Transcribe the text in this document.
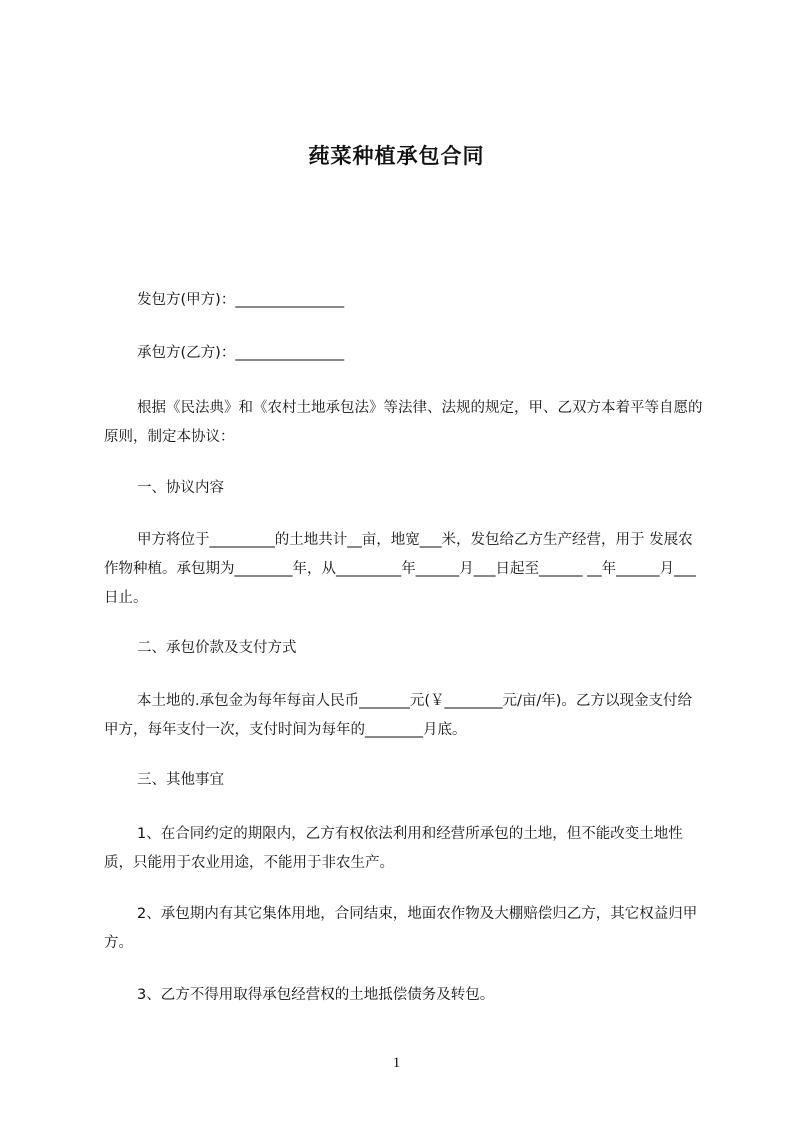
莼菜种植承包合同
发包方(甲方)：_______________
承包方(乙方)：_______________
根据《民法典》和《农村土地承包法》等法律、法规的规定，甲、乙双方本着平等自愿的原则，制定本协议：
一、协议内容
甲方将位于_________的土地共计__亩，地宽___米，发包给乙方生产经营，用于 发展农作物种植。承包期为________年，从_________年______月___日起至______ __年______月___日止。
二、承包价款及支付方式
本土地的.承包金为每年每亩人民币_______元(￥________元/亩/年)。乙方以现金支付给甲方，每年支付一次，支付时间为每年的________月底。
三、其他事宜
1、在合同约定的期限内，乙方有权依法利用和经营所承包的土地，但不能改变土地性质，只能用于农业用途，不能用于非农生产。
2、承包期内有其它集体用地，合同结束，地面农作物及大棚赔偿归乙方，其它权益归甲方。
3、乙方不得用取得承包经营权的土地抵偿债务及转包。
1
